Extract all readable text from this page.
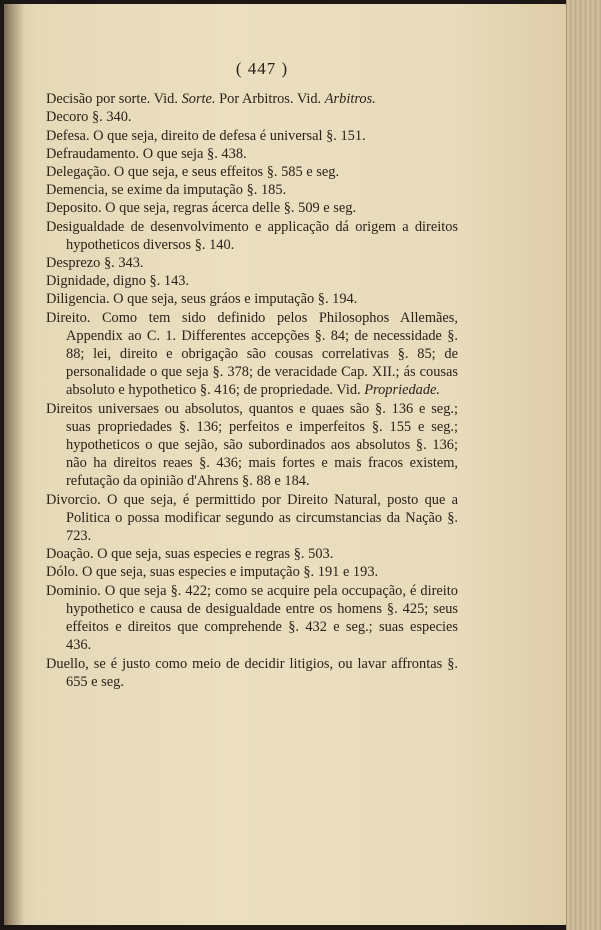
( 447 )

Decisão por sorte. Vid. Sorte. Por Arbitros. Vid. Arbitros.

Decoro §. 340.

Defesa. O que seja, direito de defesa é universal §. 151.

Defraudamento. O que seja §. 438.

Delegação. O que seja, e seus effeitos §. 585 e seg.

Demencia, se exime da imputação §. 185.

Deposito. O que seja, regras ácerca delle §. 509 e seg.

Desigualdade de desenvolvimento e applicação dá origem a direitos hypotheticos diversos §. 140.

Desprezo §. 343.

Dignidade, digno §. 143.

Diligencia. O que seja, seus gráos e imputação §. 194.

Direito. Como tem sido definido pelos Philosophos Allemães, Appendix ao C. 1. Differentes accepções §. 84; de necessidade §. 88; lei, direito e obrigação são cousas correlativas §. 85; de personalidade o que seja §. 378; de veracidade Cap. XII.; ás cousas absoluto e hypothetico §. 416; de propriedade. Vid. Propriedade.

Direitos universaes ou absolutos, quantos e quaes são §. 136 e seg.; suas propriedades §. 136; perfeitos e imperfeitos §. 155 e seg.; hypotheticos o que sejão, são subordinados aos absolutos §. 136; não ha direitos reaes §. 436; mais fortes e mais fracos existem, refutação da opinião d'Ahrens §. 88 e 184.

Divorcio. O que seja, é permittido por Direito Natural, posto que a Politica o possa modificar segundo as circumstancias da Nação §. 723.

Doação. O que seja, suas especies e regras §. 503.

Dólo. O que seja, suas especies e imputação §. 191 e 193.

Dominio. O que seja §. 422; como se acquire pela occupação, é direito hypothetico e causa de desigualdade entre os homens §. 425; seus effeitos e direitos que comprehende §. 432 e seg.; suas especies 436.

Duello, se é justo como meio de decidir litigios, ou lavar affrontas §. 655 e seg.
